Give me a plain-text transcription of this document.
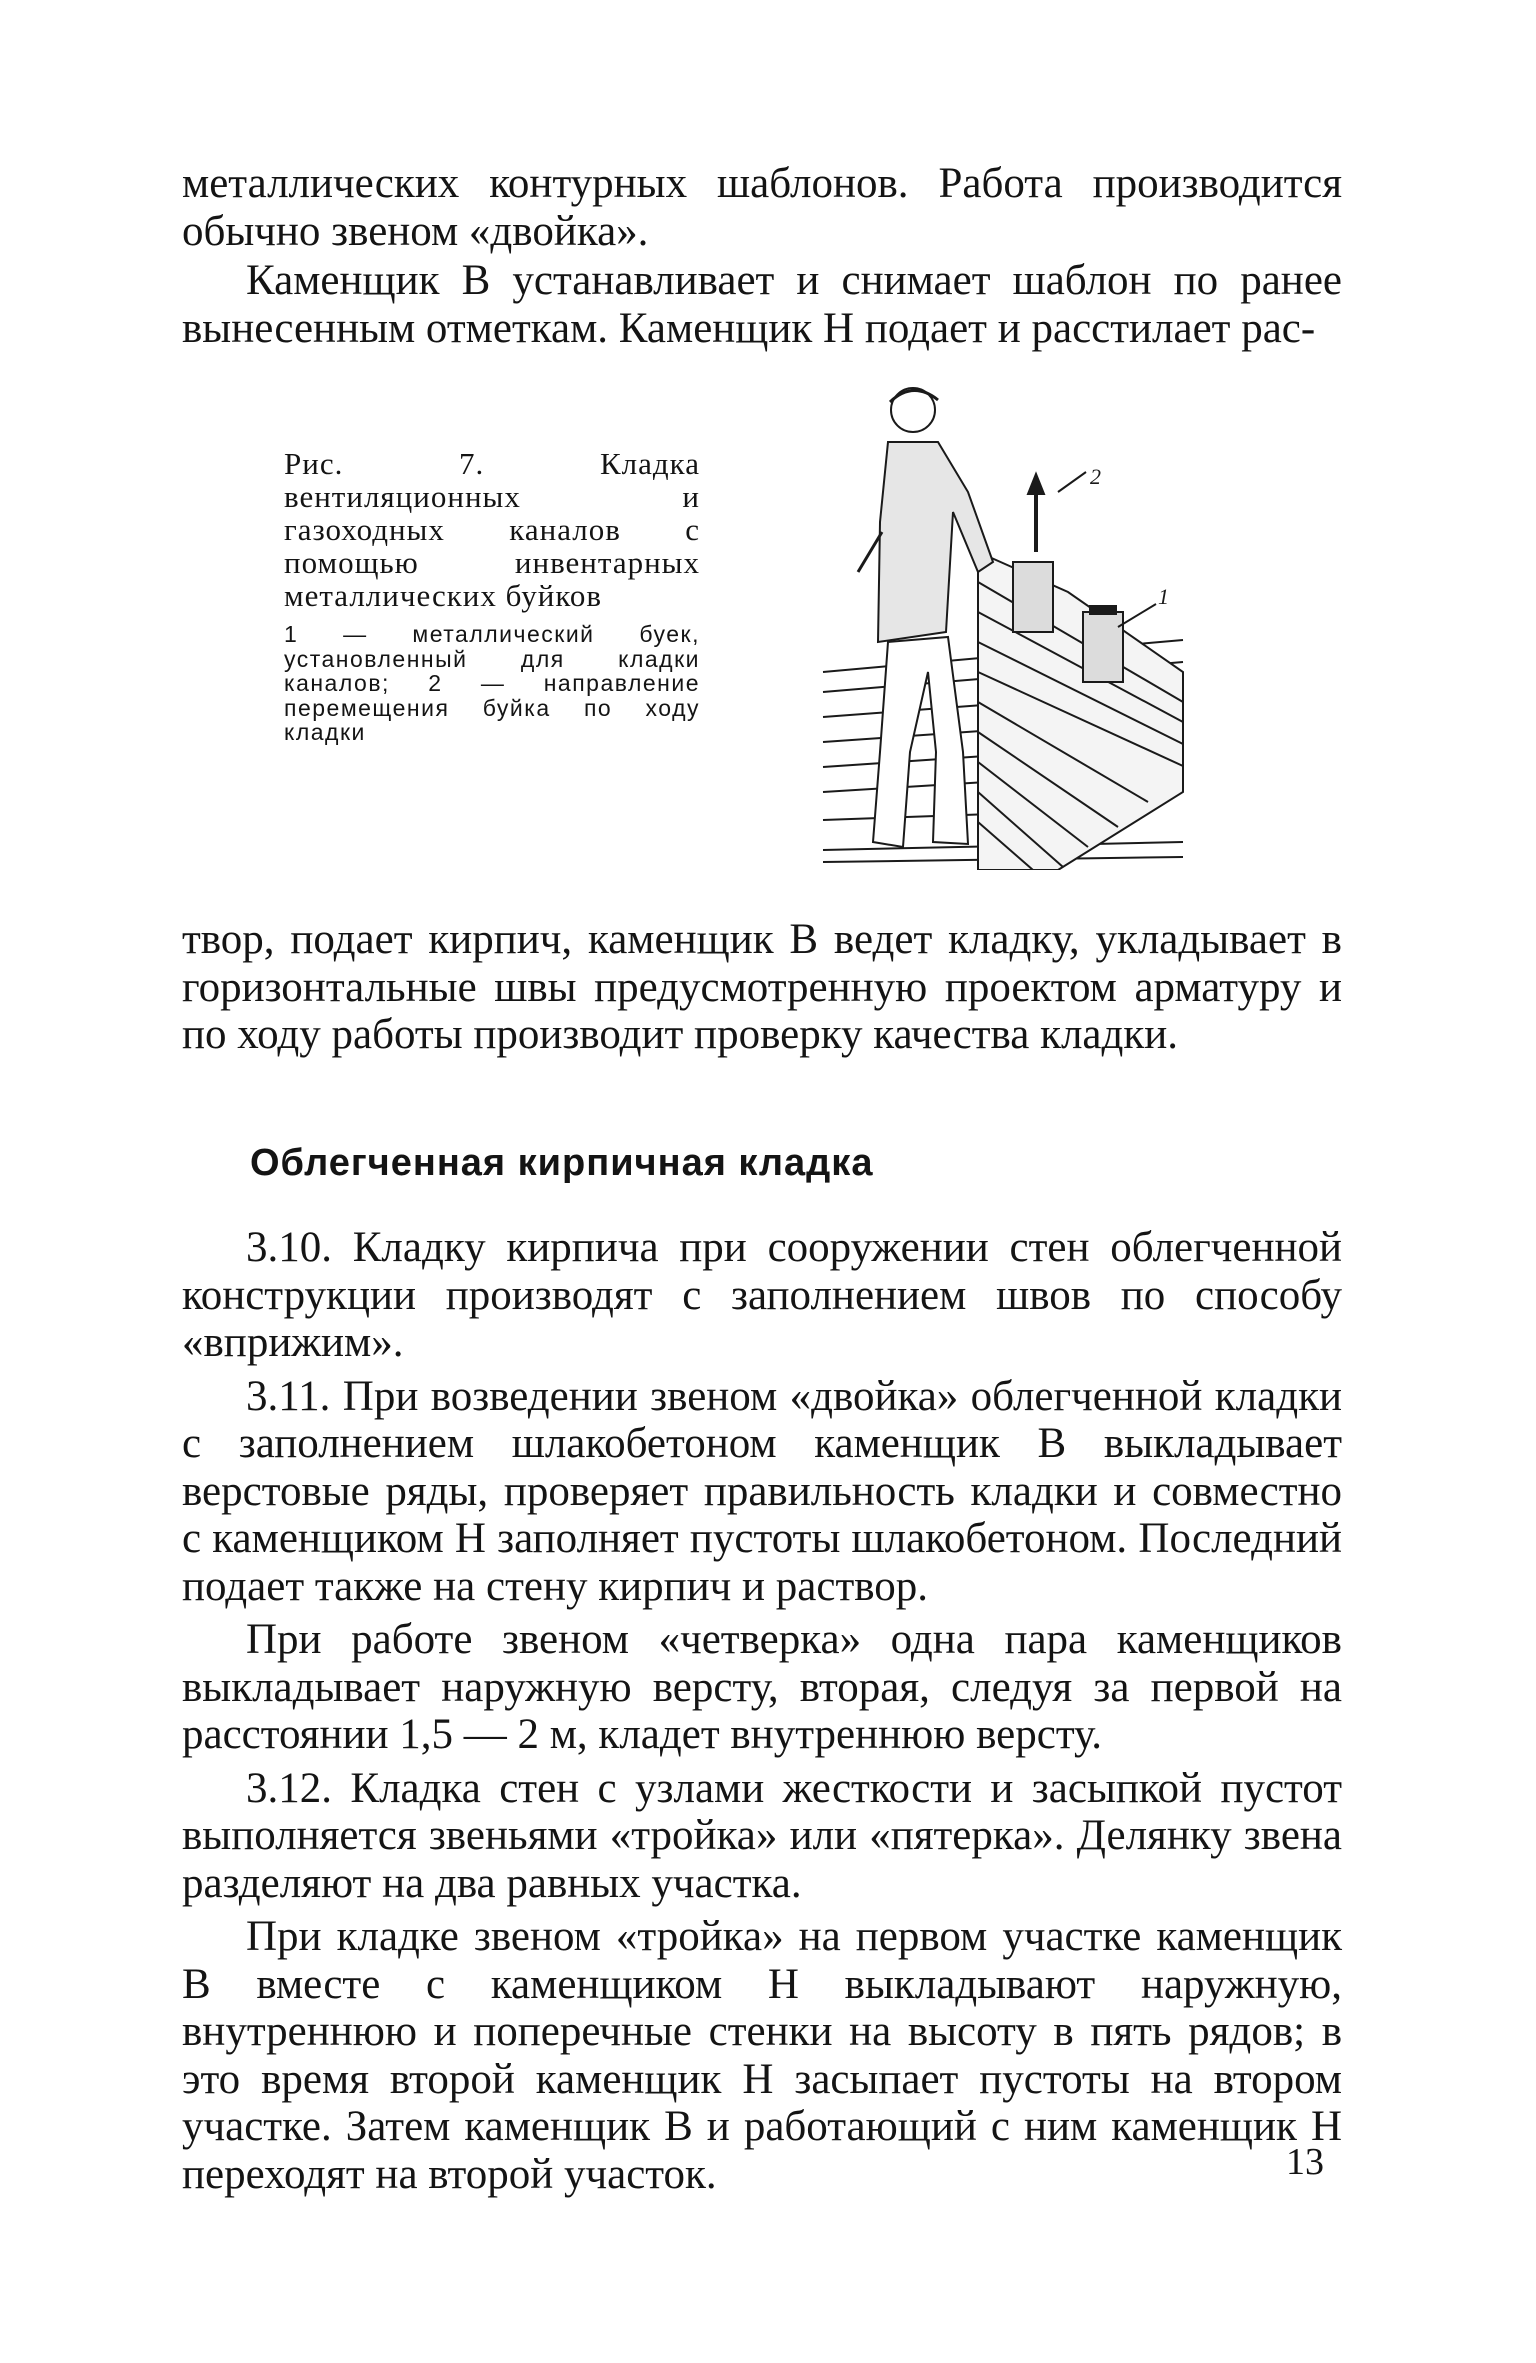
металлических контурных шаблонов. Работа производится обычно звеном «двойка».

Каменщик В устанавливает и снимает шаблон по ранее вынесенным отметкам. Каменщик Н подает и расстилает рас-

Рис. 7. Кладка вентиляционных и газоходных каналов с помощью инвентарных металлических буйков

1 — металлический буек, установленный для кладки каналов; 2 — направление перемещения буйка по ходу кладки

2
1

твор, подает кирпич, каменщик В ведет кладку, укладывает в горизонтальные швы предусмотренную проектом арматуру и по ходу работы производит проверку качества кладки.

Облегченная кирпичная кладка

3.10. Кладку кирпича при сооружении стен облегченной конструкции производят с заполнением швов по способу «вприжим».

3.11. При возведении звеном «двойка» облегченной кладки с заполнением шлакобетоном каменщик В выкладывает верстовые ряды, проверяет правильность кладки и совместно с каменщиком Н заполняет пустоты шлакобетоном. Последний подает также на стену кирпич и раствор.

При работе звеном «четверка» одна пара каменщиков выкладывает наружную версту, вторая, следуя за первой на расстоянии 1,5 — 2 м, кладет внутреннюю версту.

3.12. Кладка стен с узлами жесткости и засыпкой пустот выполняется звеньями «тройка» или «пятерка». Делянку звена разделяют на два равных участка.

При кладке звеном «тройка» на первом участке каменщик В вместе с каменщиком Н выкладывают наружную, внутреннюю и поперечные стенки на высоту в пять рядов; в это время второй каменщик Н засыпает пустоты на втором участке. Затем каменщик В и работающий с ним каменщик Н переходят на второй участок.	13
